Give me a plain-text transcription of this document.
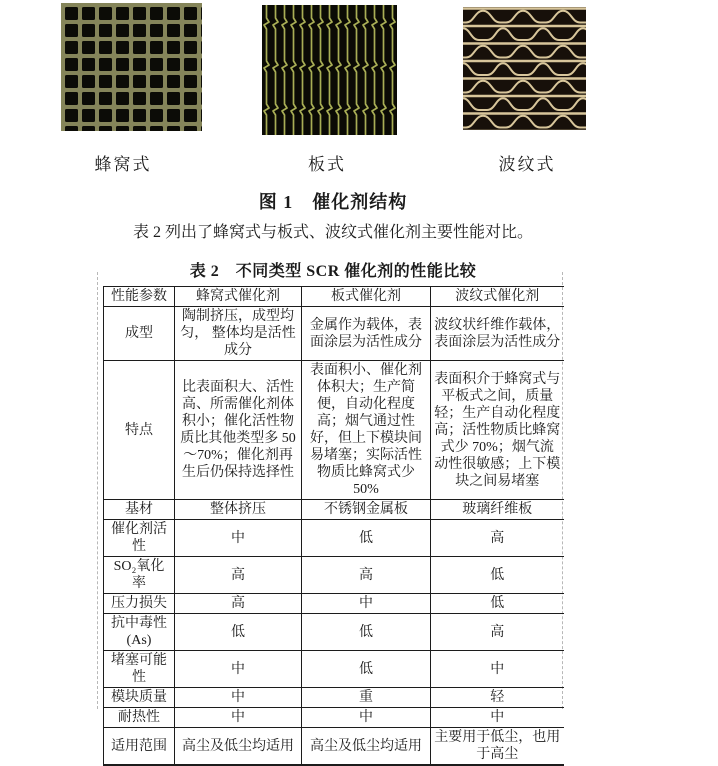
蜂窝式	板式	波纹式
图 1　催化剂结构

表 2 列出了蜂窝式与板式、波纹式催化剂主要性能对比。

表 2　不同类型 SCR 催化剂的性能比较
性能参数	蜂窝式催化剂	板式催化剂	波纹式催化剂
成型	陶制挤压，成型均匀， 整体均是活性成分	金属作为载体，表面涂层为活性成分	波纹状纤维作载体，表面涂层为活性成分
特点	比表面积大、活性高、所需催化剂体积小；催化活性物质比其他类型多 50～70%；催化剂再生后仍保持选择性	表面积小、催化剂体积大；生产简便，自动化程度高；烟气通过性好，但上下模块间易堵塞；实际活性物质比蜂窝式少 50%	表面积介于蜂窝式与平板式之间，质量轻；生产自动化程度高；活性物质比蜂窝式少 70%；烟气流动性很敏感；上下模块之间易堵塞
基材	整体挤压	不锈钢金属板	玻璃纤维板
催化剂活性	中	低	高
SO₂氧化率	高	高	低
压力损失	高	中	低
抗中毒性 (As)	低	低	高
堵塞可能性	中	低	中
模块质量	中	重	轻
耐热性	中	中	中
适用范围	高尘及低尘均适用	高尘及低尘均适用	主要用于低尘，也用于高尘
